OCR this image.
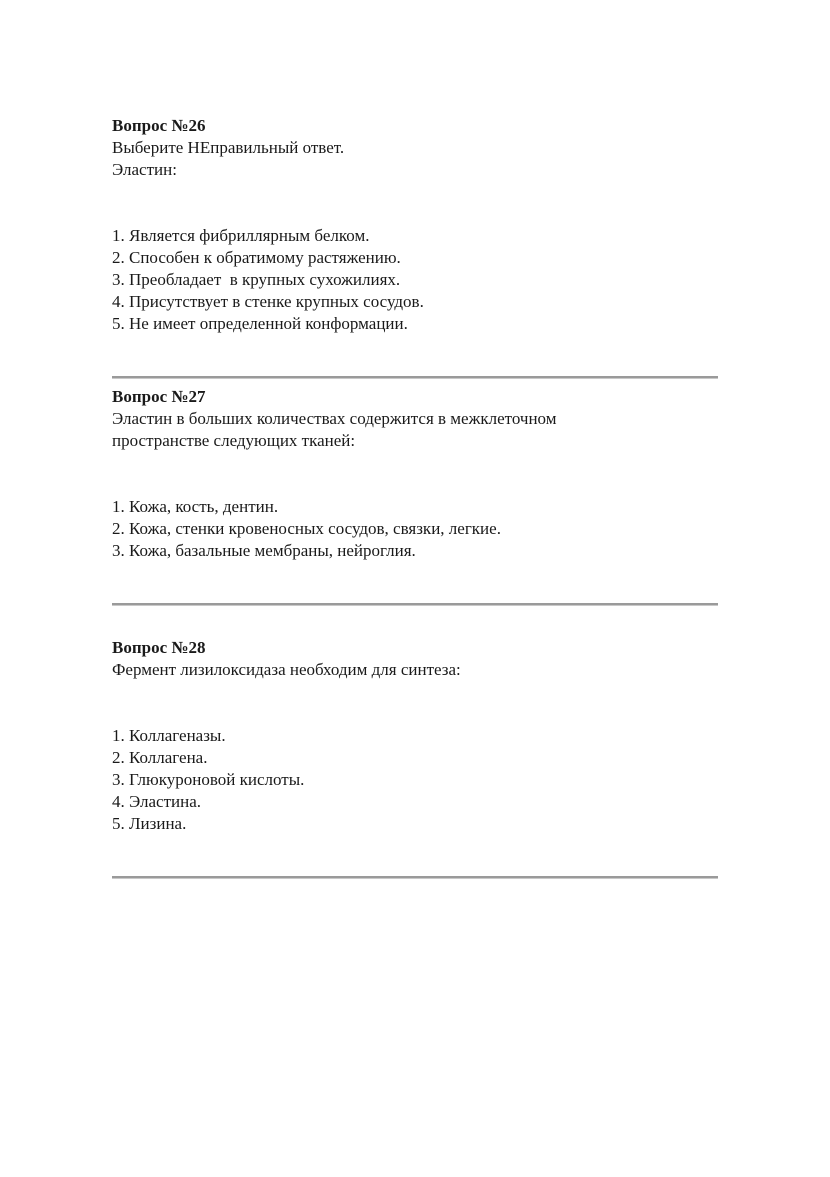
Вопрос №26

Выберите НЕправильный ответ.

Эластин:

1. Является фибриллярным белком.
2. Способен к обратимому растяжению.
3. Преобладает  в крупных сухожилиях.
4. Присутствует в стенке крупных сосудов.
5. Не имеет определенной конформации.

Вопрос №27

Эластин в больших количествах содержится в межклеточном

пространстве следующих тканей:

1. Кожа, кость, дентин.
2. Кожа, стенки кровеносных сосудов, связки, легкие.
3. Кожа, базальные мембраны, нейроглия.

Вопрос №28

Фермент лизилоксидаза необходим для синтеза:

1. Коллагеназы.
2. Коллагена.
3. Глюкуроновой кислоты.
4. Эластина.
5. Лизина.
